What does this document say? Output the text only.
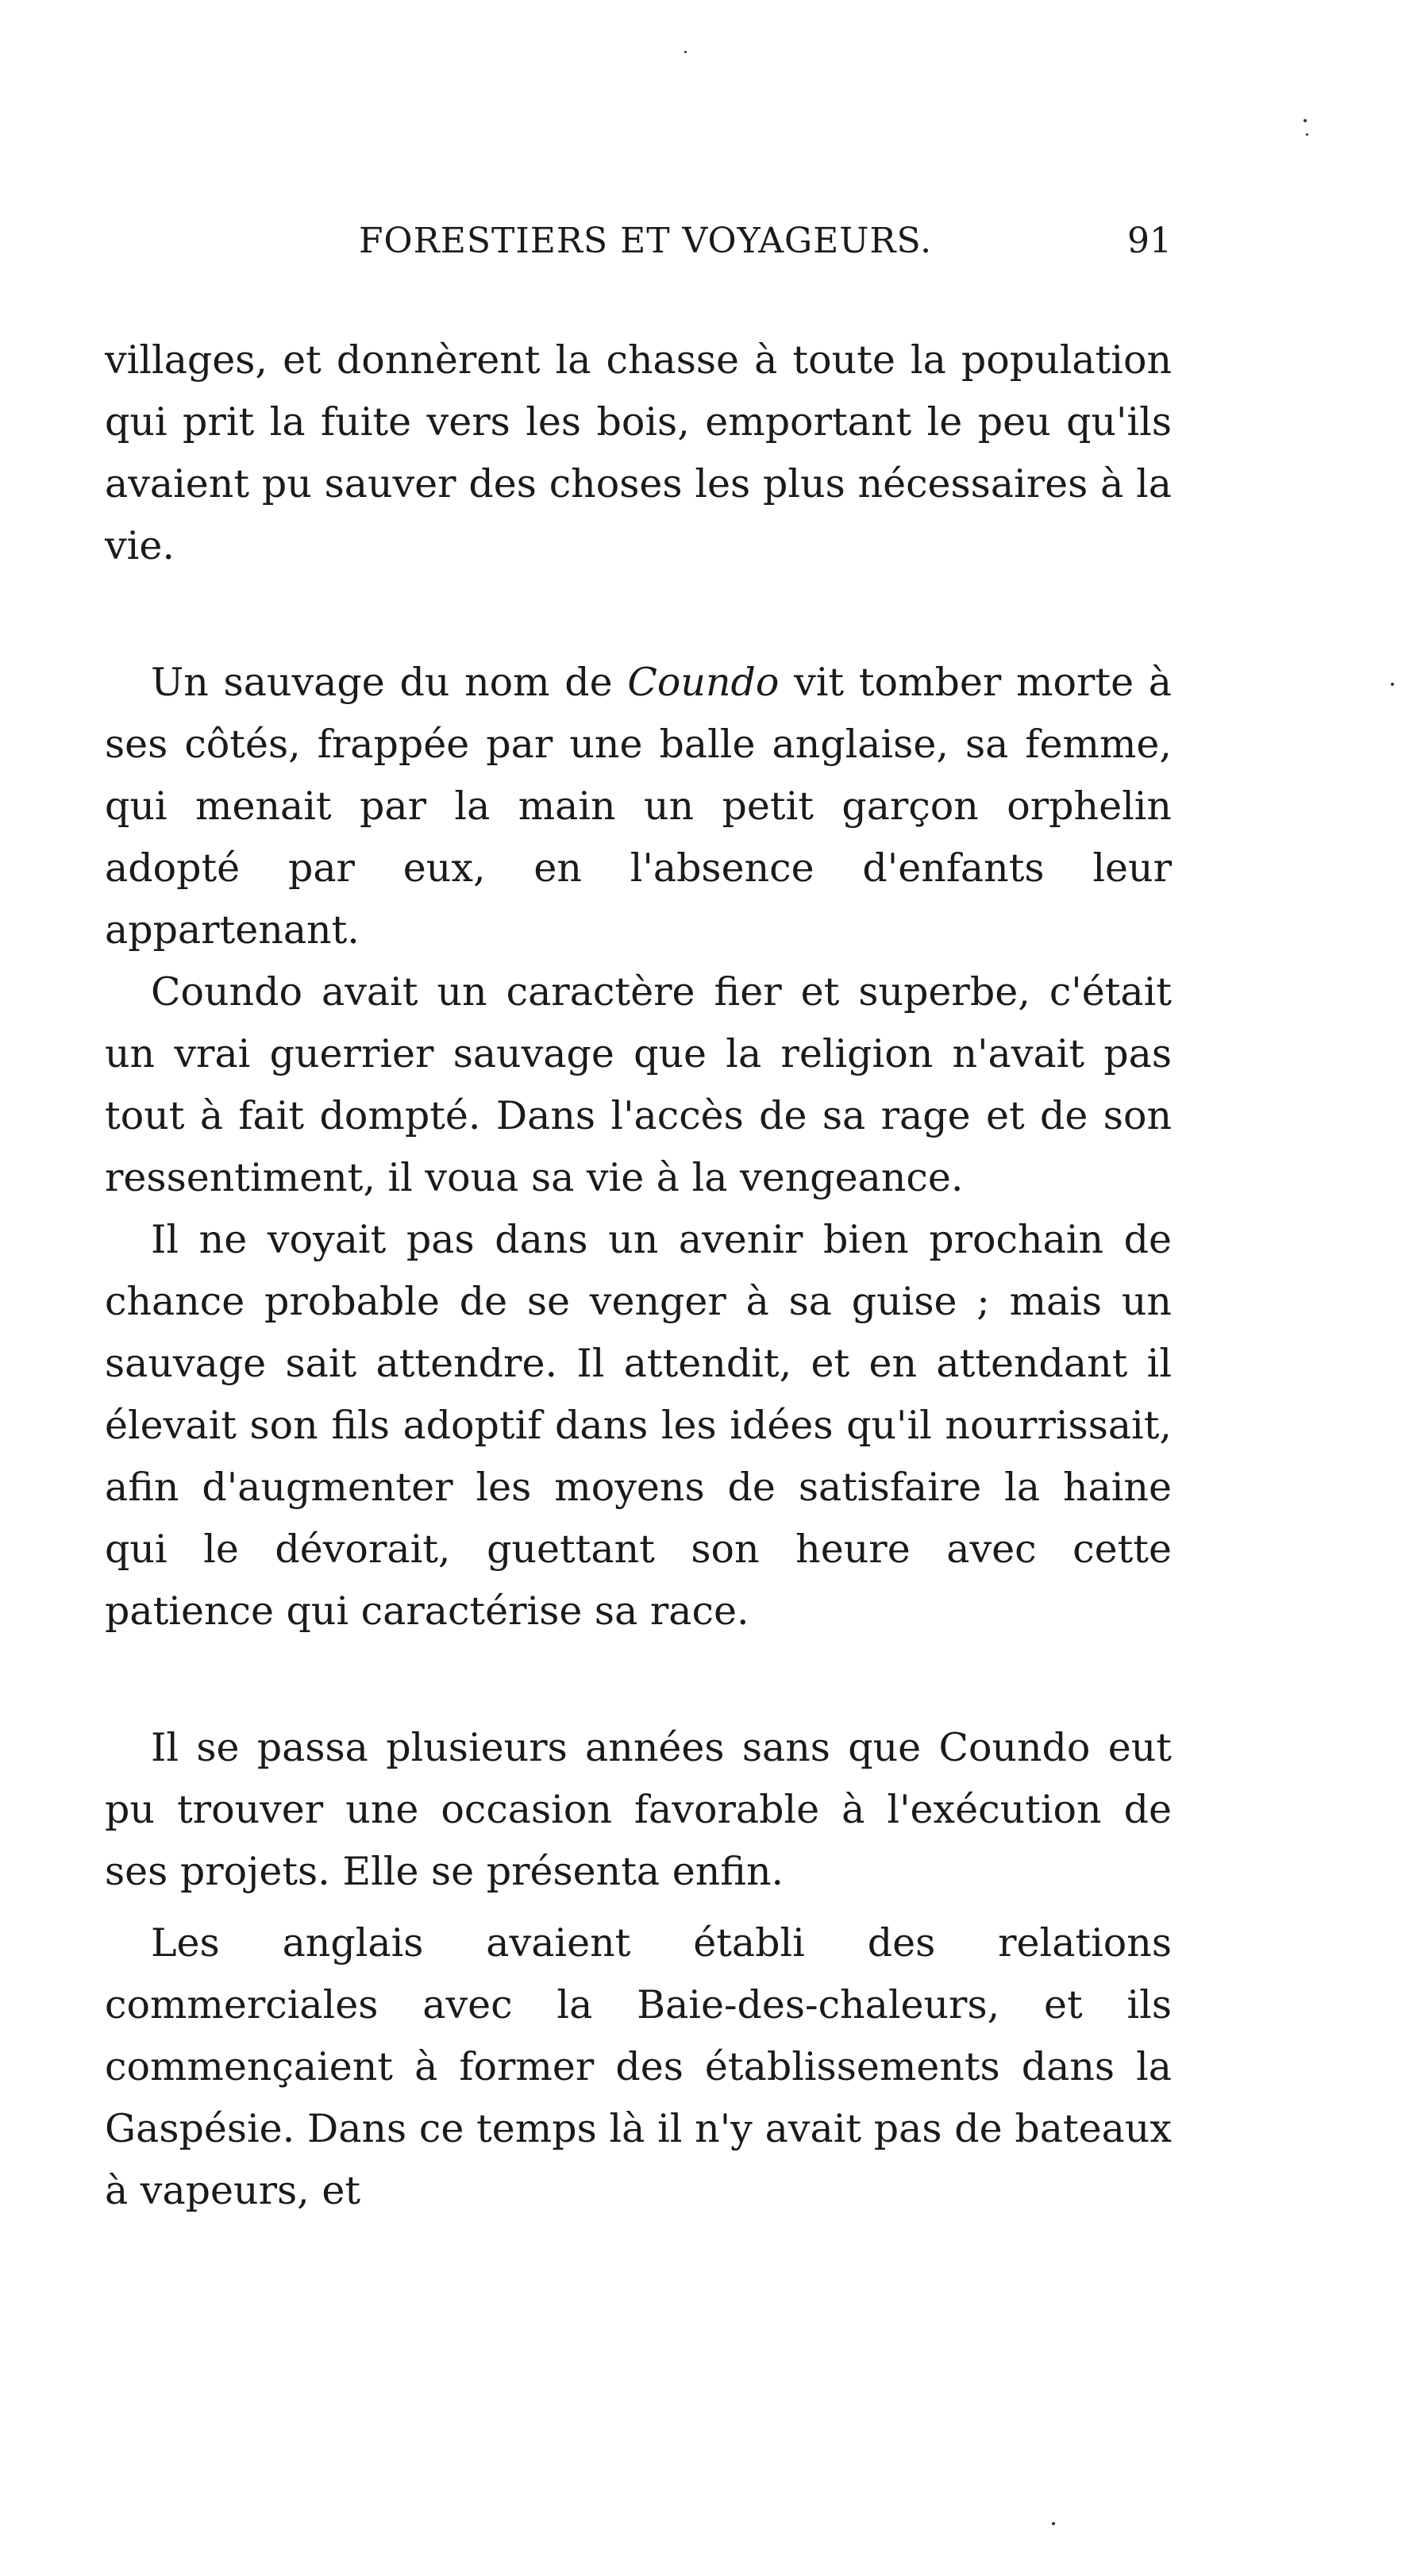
FORESTIERS ET VOYAGEURS.	91

villages, et donnèrent la chasse à toute la population qui prit la fuite vers les bois, emportant le peu qu'ils avaient pu sauver des choses les plus nécessaires à la vie.

Un sauvage du nom de Coundo vit tomber morte à ses côtés, frappée par une balle anglaise, sa femme, qui menait par la main un petit garçon orphelin adopté par eux, en l'absence d'enfants leur appartenant.

Coundo avait un caractère fier et superbe, c'était un vrai guerrier sauvage que la religion n'avait pas tout à fait dompté. Dans l'accès de sa rage et de son ressentiment, il voua sa vie à la vengeance.

Il ne voyait pas dans un avenir bien prochain de chance probable de se venger à sa guise ; mais un sauvage sait attendre. Il attendit, et en attendant il élevait son fils adoptif dans les idées qu'il nourrissait, afin d'augmenter les moyens de satisfaire la haine qui le dévorait, guettant son heure avec cette patience qui caractérise sa race.

Il se passa plusieurs années sans que Coundo eut pu trouver une occasion favorable à l'exécution de ses projets. Elle se présenta enfin.

Les anglais avaient établi des relations commerciales avec la Baie-des-chaleurs, et ils commençaient à former des établissements dans la Gaspésie. Dans ce temps là il n'y avait pas de bateaux à vapeurs, et
